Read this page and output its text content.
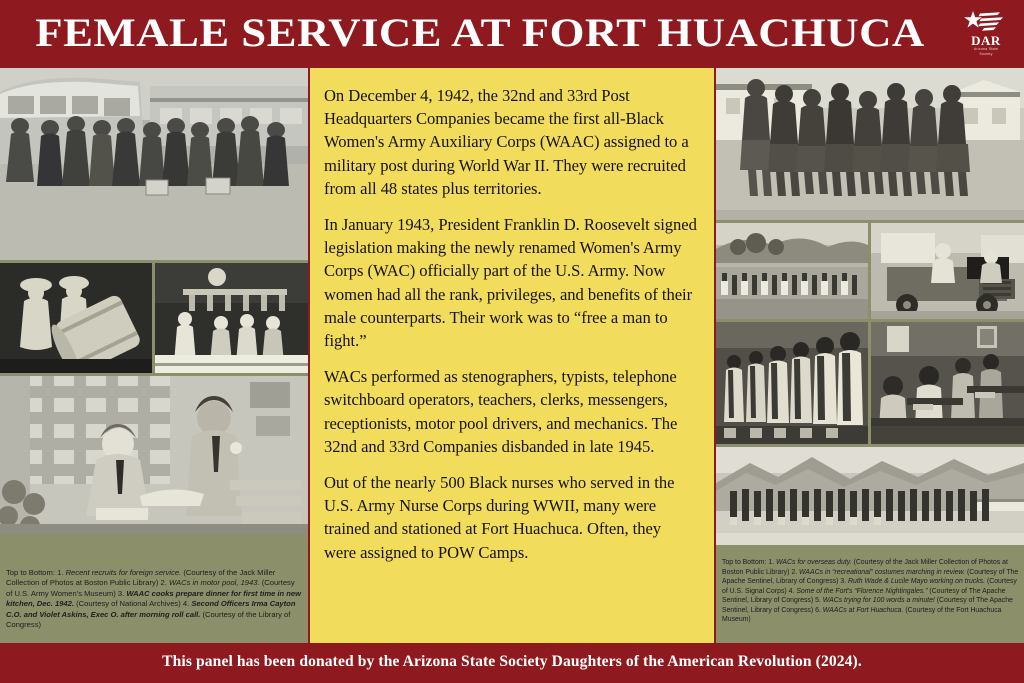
FEMALE SERVICE AT FORT HUACHUCA	DAR
Arizona State
Society

On December 4, 1942, the 32nd and 33rd Post Headquarters Companies became the first all-Black Women's Army Auxiliary Corps (WAAC) assigned to a military post during World War II. They were recruited from all 48 states plus territories.

In January 1943, President Franklin D. Roosevelt signed legislation making the newly renamed Women's Army Corps (WAC) officially part of the U.S. Army. Now women had all the rank, privileges, and benefits of their male counterparts. Their work was to “free a man to fight.”

WACs performed as stenographers, typists, telephone switchboard operators, teachers, clerks, messengers, receptionists, motor pool drivers, and mechanics. The 32nd and 33rd Companies disbanded in late 1945.

Out of the nearly 500 Black nurses who served in the U.S. Army Nurse Corps during WWII, many were trained and stationed at Fort Huachuca. Often, they were assigned to POW Camps.

Top to Bottom: 1. Recent recruits for foreign service. (Courtesy of the Jack Miller Collection of Photos at Boston Public Library) 2. WACs in motor pool, 1943. (Courtesy of U.S. Army Women's Museum) 3. WAAC cooks prepare dinner for first time in new kitchen, Dec. 1942. (Courtesy of National Archives) 4. Second Officers Irma Cayton C.O. and Violet Askins, Exec O. after morning roll call. (Courtesy of the Library of Congress)
Top to Bottom: 1. WACs for overseas duty. (Courtesy of the Jack Miller Collection of Photos at Boston Public Library) 2. WAACs in “recreational” costumes marching in review. (Courtesy of The Apache Sentinel, Library of Congress) 3. Ruth Wade & Lucile Mayo working on trucks. (Courtesy of U.S. Signal Corps) 4. Some of the Fort's “Florence Nightingales.” (Courtesy of The Apache Sentinel, Library of Congress) 5. WACs trying for 100 words a minute! (Courtesy of The Apache Sentinel, Library of Congress) 6. WAACs at Fort Huachuca. (Courtesy of the Fort Huachuca Museum)
This panel has been donated by the Arizona State Society Daughters of the American Revolution (2024).
